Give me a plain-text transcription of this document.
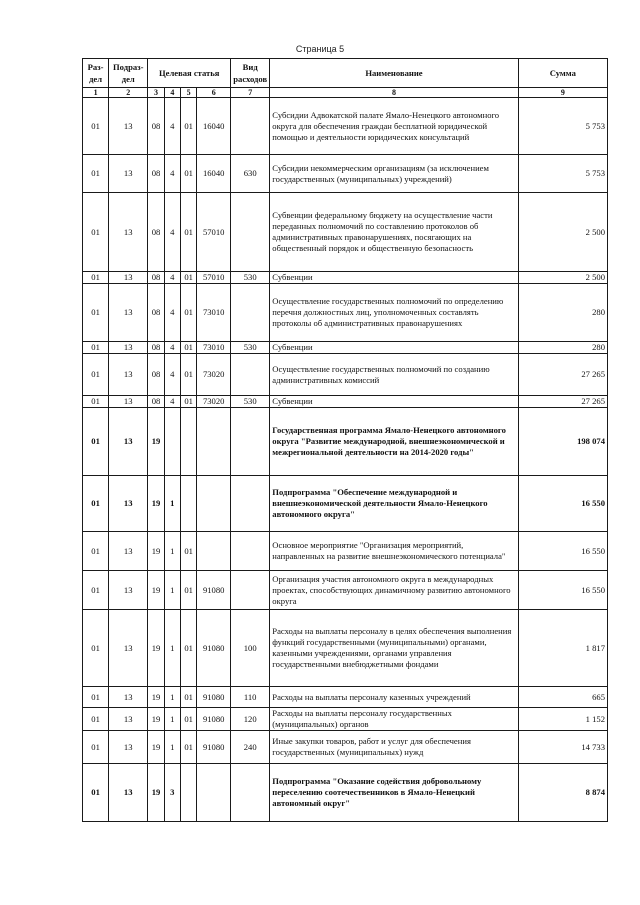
Страница 5
Раз-дел	Подраз-дел	Целевая статья				Вид расходов	Наименование	Сумма
1	2	3	4	5	6	7	8	9
01	13	08	4	01	16040		Субсидии Адвокатской палате Ямало-Ненецкого автономного округа для обеспечения граждан бесплатной юридической помощью и деятельности юридических консультаций	5 753
01	13	08	4	01	16040	630	Субсидии некоммерческим организациям (за исключением государственных (муниципальных) учреждений)	5 753
01	13	08	4	01	57010		Субвенции федеральному бюджету на осуществление части переданных полномочий по составлению протоколов об административных правонарушениях, посягающих на общественный порядок и общественную безопасность	2 500
01	13	08	4	01	57010	530	Субвенции	2 500
01	13	08	4	01	73010		Осуществление государственных полномочий по определению перечня должностных лиц, уполномоченных составлять протоколы об административных правонарушениях	280
01	13	08	4	01	73010	530	Субвенции	280
01	13	08	4	01	73020		Осуществление государственных полномочий по созданию административных комиссий	27 265
01	13	08	4	01	73020	530	Субвенции	27 265
01	13	19					Государственная программа Ямало-Ненецкого автономного округа "Развитие международной, внешнеэкономической и межрегиональной деятельности на 2014-2020 годы"	198 074
01	13	19	1				Подпрограмма "Обеспечение международной и внешнеэкономической деятельности Ямало-Ненецкого автономного округа"	16 550
01	13	19	1	01			Основное мероприятие "Организация мероприятий, направленных на развитие внешнеэкономического потенциала"	16 550
01	13	19	1	01	91080		Организация участия автономного округа в международных проектах, способствующих динамичному развитию автономного округа	16 550
01	13	19	1	01	91080	100	Расходы на выплаты персоналу в целях обеспечения выполнения функций государственными (муниципальными) органами, казенными учреждениями, органами управления государственными внебюджетными фондами	1 817
01	13	19	1	01	91080	110	Расходы на выплаты персоналу казенных учреждений	665
01	13	19	1	01	91080	120	Расходы на выплаты персоналу государственных (муниципальных) органов	1 152
01	13	19	1	01	91080	240	Иные закупки товаров, работ и услуг для обеспечения государственных (муниципальных) нужд	14 733
01	13	19	3				Подпрограмма "Оказание содействия добровольному переселению соотечественников в Ямало-Ненецкий автономный округ"	8 874
